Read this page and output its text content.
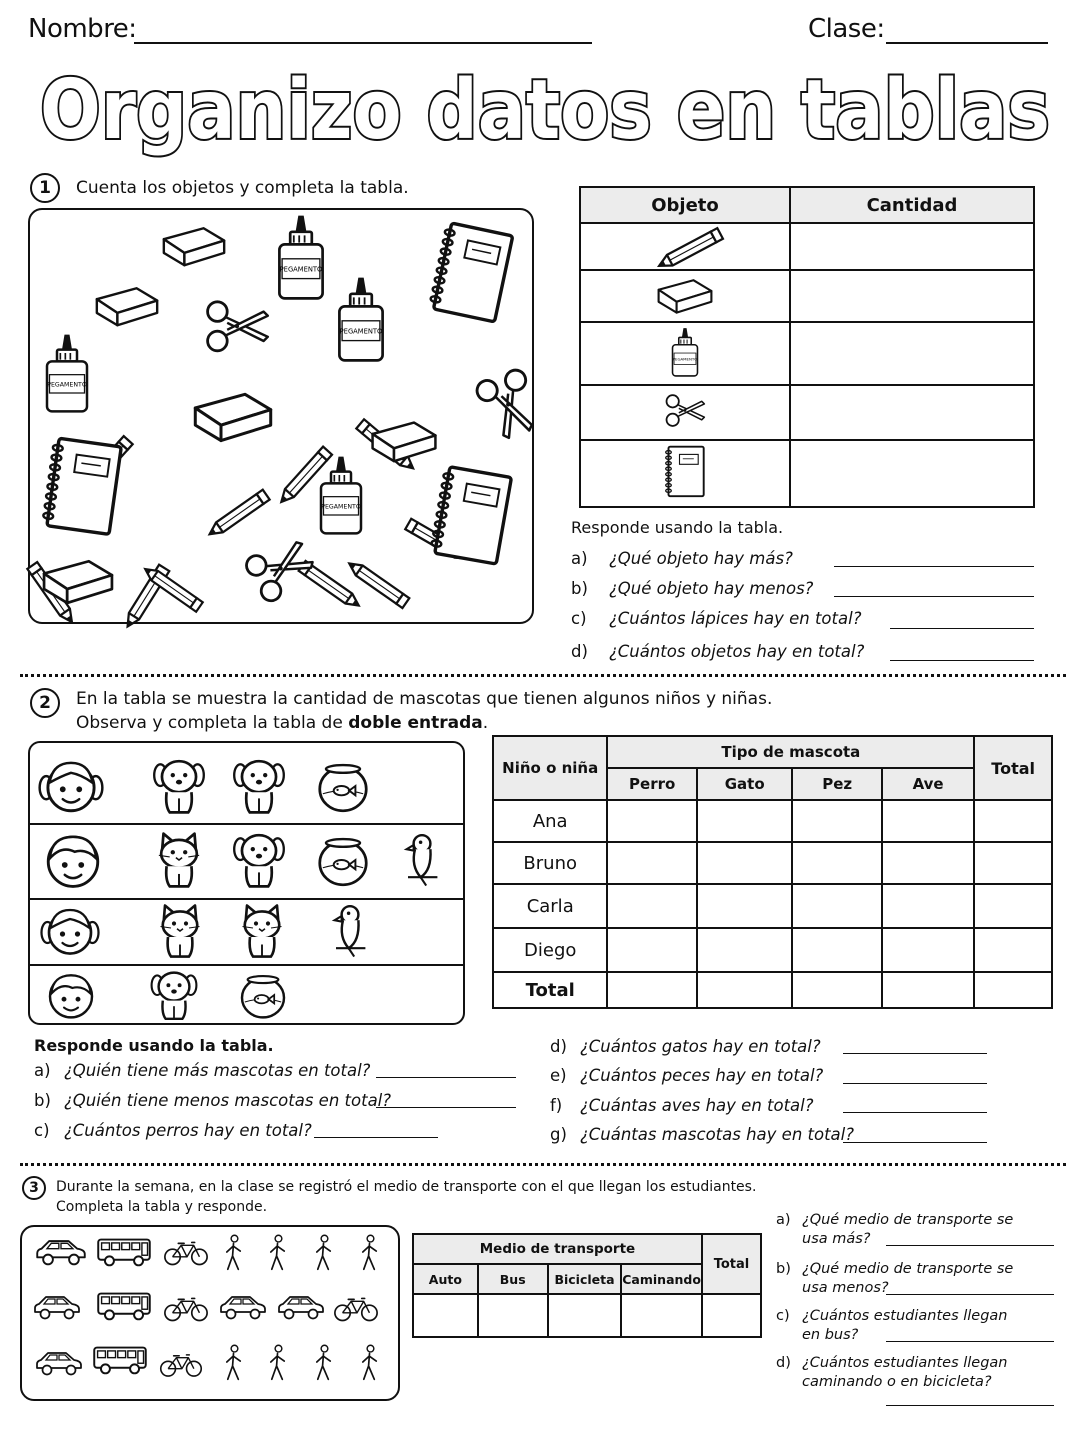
Nombre:	Clase:
Organizo datos en tablas
1	Cuenta los objetos y completa la tabla.
Objeto	Cantidad

Responde usando la tabla.
a) ¿Qué objeto hay más?
b) ¿Qué objeto hay menos?
c) ¿Cuántos lápices hay en total?
d) ¿Cuántos objetos hay en total?
2	En la tabla se muestra la cantidad de mascotas que tienen algunos niños y niñas.
Observa y completa la tabla de doble entrada.
Niño o niña	Tipo de mascota				Total
	Perro	Gato	Pez	Ave	
Ana					
Bruno					
Carla					
Diego					
Total					
Responde usando la tabla.
a) ¿Quién tiene más mascotas en total?
b) ¿Quién tiene menos mascotas en total?
c) ¿Cuántos perros hay en total?
d) ¿Cuántos gatos hay en total?
e) ¿Cuántos peces hay en total?
f) ¿Cuántas aves hay en total?
g) ¿Cuántas mascotas hay en total?
3	Durante la semana, en la clase se registró el medio de transporte con el que llegan los estudiantes.
Completa la tabla y responde.
Medio de transporte				Total
Auto	Bus	Bicicleta	Caminando	

a) ¿Qué medio de transporte se
usa más?
b) ¿Qué medio de transporte se
usa menos?
c) ¿Cuántos estudiantes llegan
en bus?
d) ¿Cuántos estudiantes llegan
caminando o en bicicleta?
